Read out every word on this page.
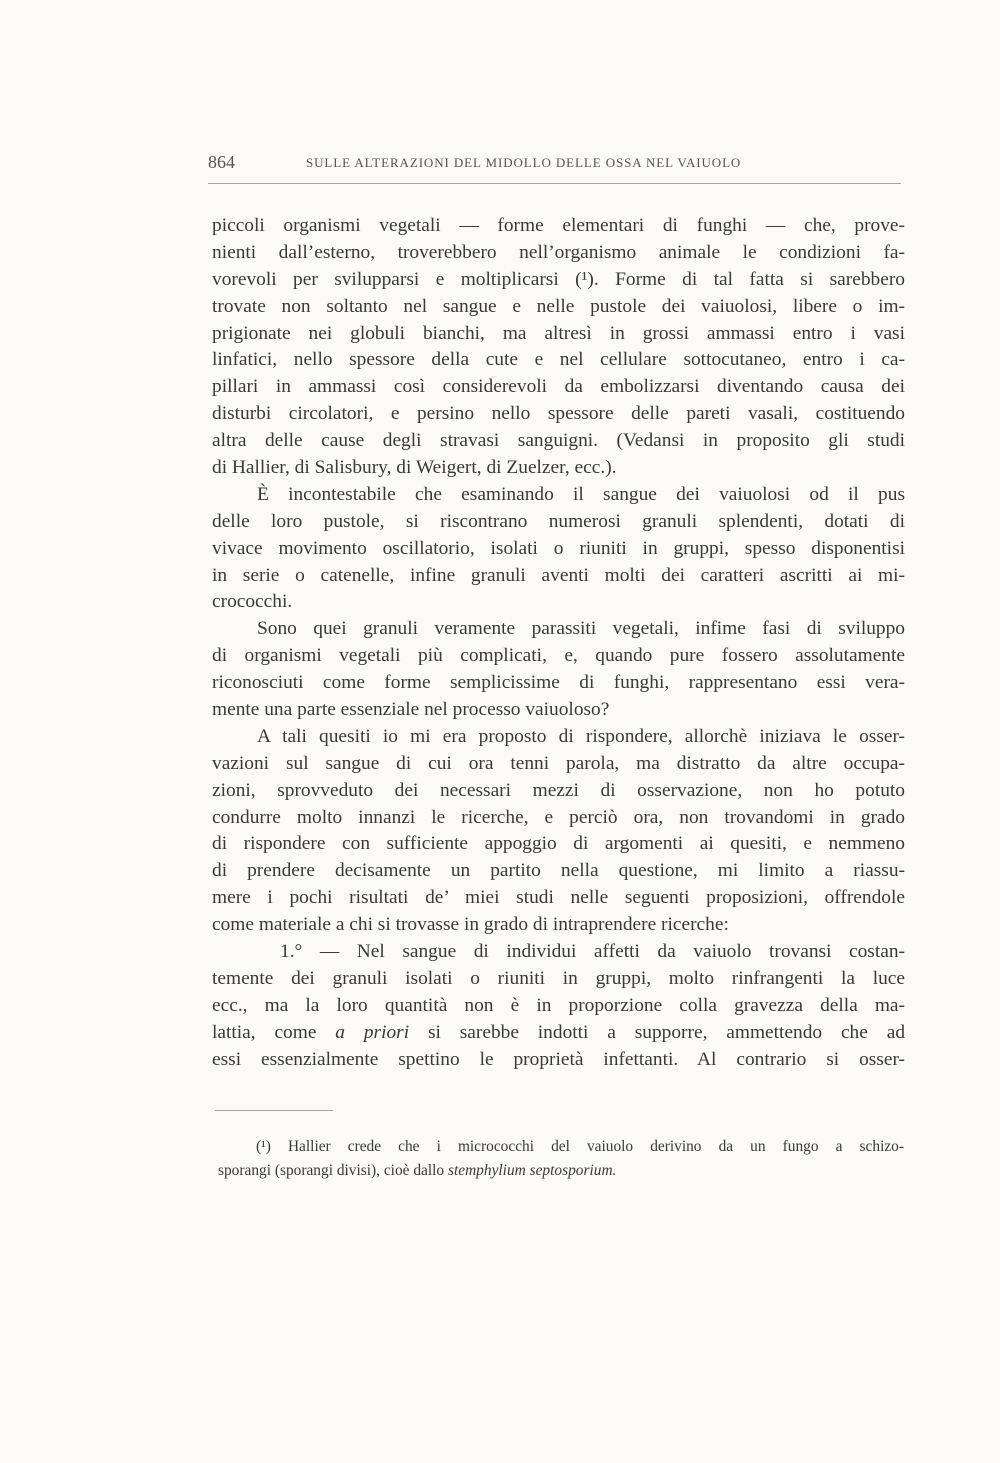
864	SULLE ALTERAZIONI DEL MIDOLLO DELLE OSSA NEL VAIUOLO
piccoli organismi vegetali — forme elementari di funghi — che, prove-
nienti dall’esterno, troverebbero nell’organismo animale le condizioni fa-
vorevoli per svilupparsi e moltiplicarsi (¹). Forme di tal fatta si sarebbero
trovate non soltanto nel sangue e nelle pustole dei vaiuolosi, libere o im-
prigionate nei globuli bianchi, ma altresì in grossi ammassi entro i vasi
linfatici, nello spessore della cute e nel cellulare sottocutaneo, entro i ca-
pillari in ammassi così considerevoli da embolizzarsi diventando causa dei
disturbi circolatori, e persino nello spessore delle pareti vasali, costituendo
altra delle cause degli stravasi sanguigni. (Vedansi in proposito gli studi
di Hallier, di Salisbury, di Weigert, di Zuelzer, ecc.).
È incontestabile che esaminando il sangue dei vaiuolosi od il pus
delle loro pustole, si riscontrano numerosi granuli splendenti, dotati di
vivace movimento oscillatorio, isolati o riuniti in gruppi, spesso disponentisi
in serie o catenelle, infine granuli aventi molti dei caratteri ascritti ai mi-
crococchi.
Sono quei granuli veramente parassiti vegetali, infime fasi di sviluppo
di organismi vegetali più complicati, e, quando pure fossero assolutamente
riconosciuti come forme semplicissime di funghi, rappresentano essi vera-
mente una parte essenziale nel processo vaiuoloso?
A tali quesiti io mi era proposto di rispondere, allorchè iniziava le osser-
vazioni sul sangue di cui ora tenni parola, ma distratto da altre occupa-
zioni, sprovveduto dei necessari mezzi di osservazione, non ho potuto
condurre molto innanzi le ricerche, e perciò ora, non trovandomi in grado
di rispondere con sufficiente appoggio di argomenti ai quesiti, e nemmeno
di prendere decisamente un partito nella questione, mi limito a riassu-
mere i pochi risultati de’ miei studi nelle seguenti proposizioni, offrendole
come materiale a chi si trovasse in grado di intraprendere ricerche:
1.° — Nel sangue di individui affetti da vaiuolo trovansi costan-
temente dei granuli isolati o riuniti in gruppi, molto rinfrangenti la luce
ecc., ma la loro quantità non è in proporzione colla gravezza della ma-
lattia, come a priori si sarebbe indotti a supporre, ammettendo che ad
essi essenzialmente spettino le proprietà infettanti. Al contrario si osser-
(¹) Hallier crede che i micrococchi del vaiuolo derivino da un fungo a schizo-
sporangi (sporangi divisi), cioè dallo stemphylium septosporium.
